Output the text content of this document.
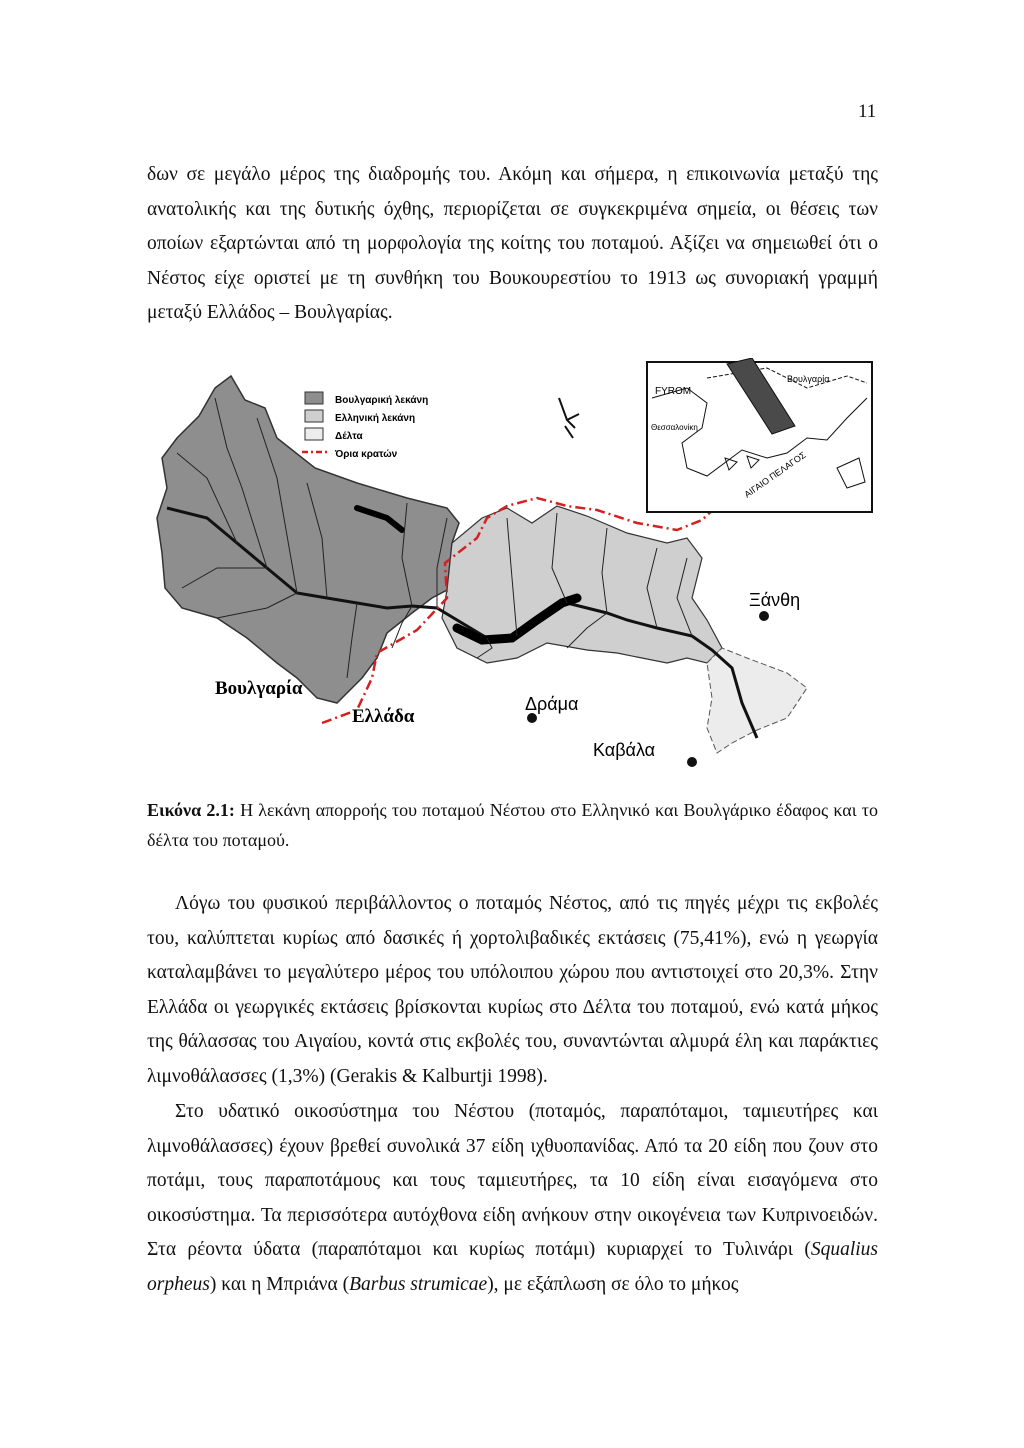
11

δων σε μεγάλο μέρος της διαδρομής του. Ακόμη και σήμερα, η επικοινωνία μεταξύ της ανατολικής και της δυτικής όχθης, περιορίζεται σε συγκεκριμένα σημεία, οι θέσεις των οποίων εξαρτώνται από τη μορφολογία της κοίτης του ποταμού. Αξίζει να σημειωθεί ότι ο Νέστος είχε οριστεί με τη συνθήκη του Βουκουρεστίου το 1913 ως συνοριακή γραμμή μεταξύ Ελλάδος – Βουλγαρίας.

Βουλγαρική λεκάνη
Ελληνική λεκάνη
Δέλτα
Όρια κρατών
FYROM
Βουλγαρία
Θεσσαλονίκη
ΑΙΓΑΙΟ ΠΕΛΑΓΟΣ
Βουλγαρία
Ελλάδα
Δράμα
Ξάνθη
Καβάλα

Εικόνα 2.1: Η λεκάνη απορροής του ποταμού Νέστου στο Ελληνικό και Βουλγάρικο έδαφος και το δέλτα του ποταμού.

Λόγω του φυσικού περιβάλλοντος ο ποταμός Νέστος, από τις πηγές μέχρι τις εκβολές του, καλύπτεται κυρίως από δασικές ή χορτολιβαδικές εκτάσεις (75,41%), ενώ η γεωργία καταλαμβάνει το μεγαλύτερο μέρος του υπόλοιπου χώρου που αντιστοιχεί στο 20,3%. Στην Ελλάδα οι γεωργικές εκτάσεις βρίσκονται κυρίως στο Δέλτα του ποταμού, ενώ κατά μήκος της θάλασσας του Αιγαίου, κοντά στις εκβολές του, συναντώνται αλμυρά έλη και παράκτιες λιμνοθάλασσες (1,3%) (Gerakis & Kalburtji 1998).

Στο υδατικό οικοσύστημα του Νέστου (ποταμός, παραπόταμοι, ταμιευτήρες και λιμνοθάλασσες) έχουν βρεθεί συνολικά 37 είδη ιχθυοπανίδας. Από τα 20 είδη που ζουν στο ποτάμι, τους παραποτάμους και τους ταμιευτήρες, τα 10 είδη είναι εισαγόμενα στο οικοσύστημα. Τα περισσότερα αυτόχθονα είδη ανήκουν στην οικογένεια των Κυπρινοειδών. Στα ρέοντα ύδατα (παραπόταμοι και κυρίως ποτάμι) κυριαρχεί το Τυλινάρι (Squalius orpheus) και η Μπριάνα (Barbus strumicae), με εξάπλωση σε όλο το μήκος
